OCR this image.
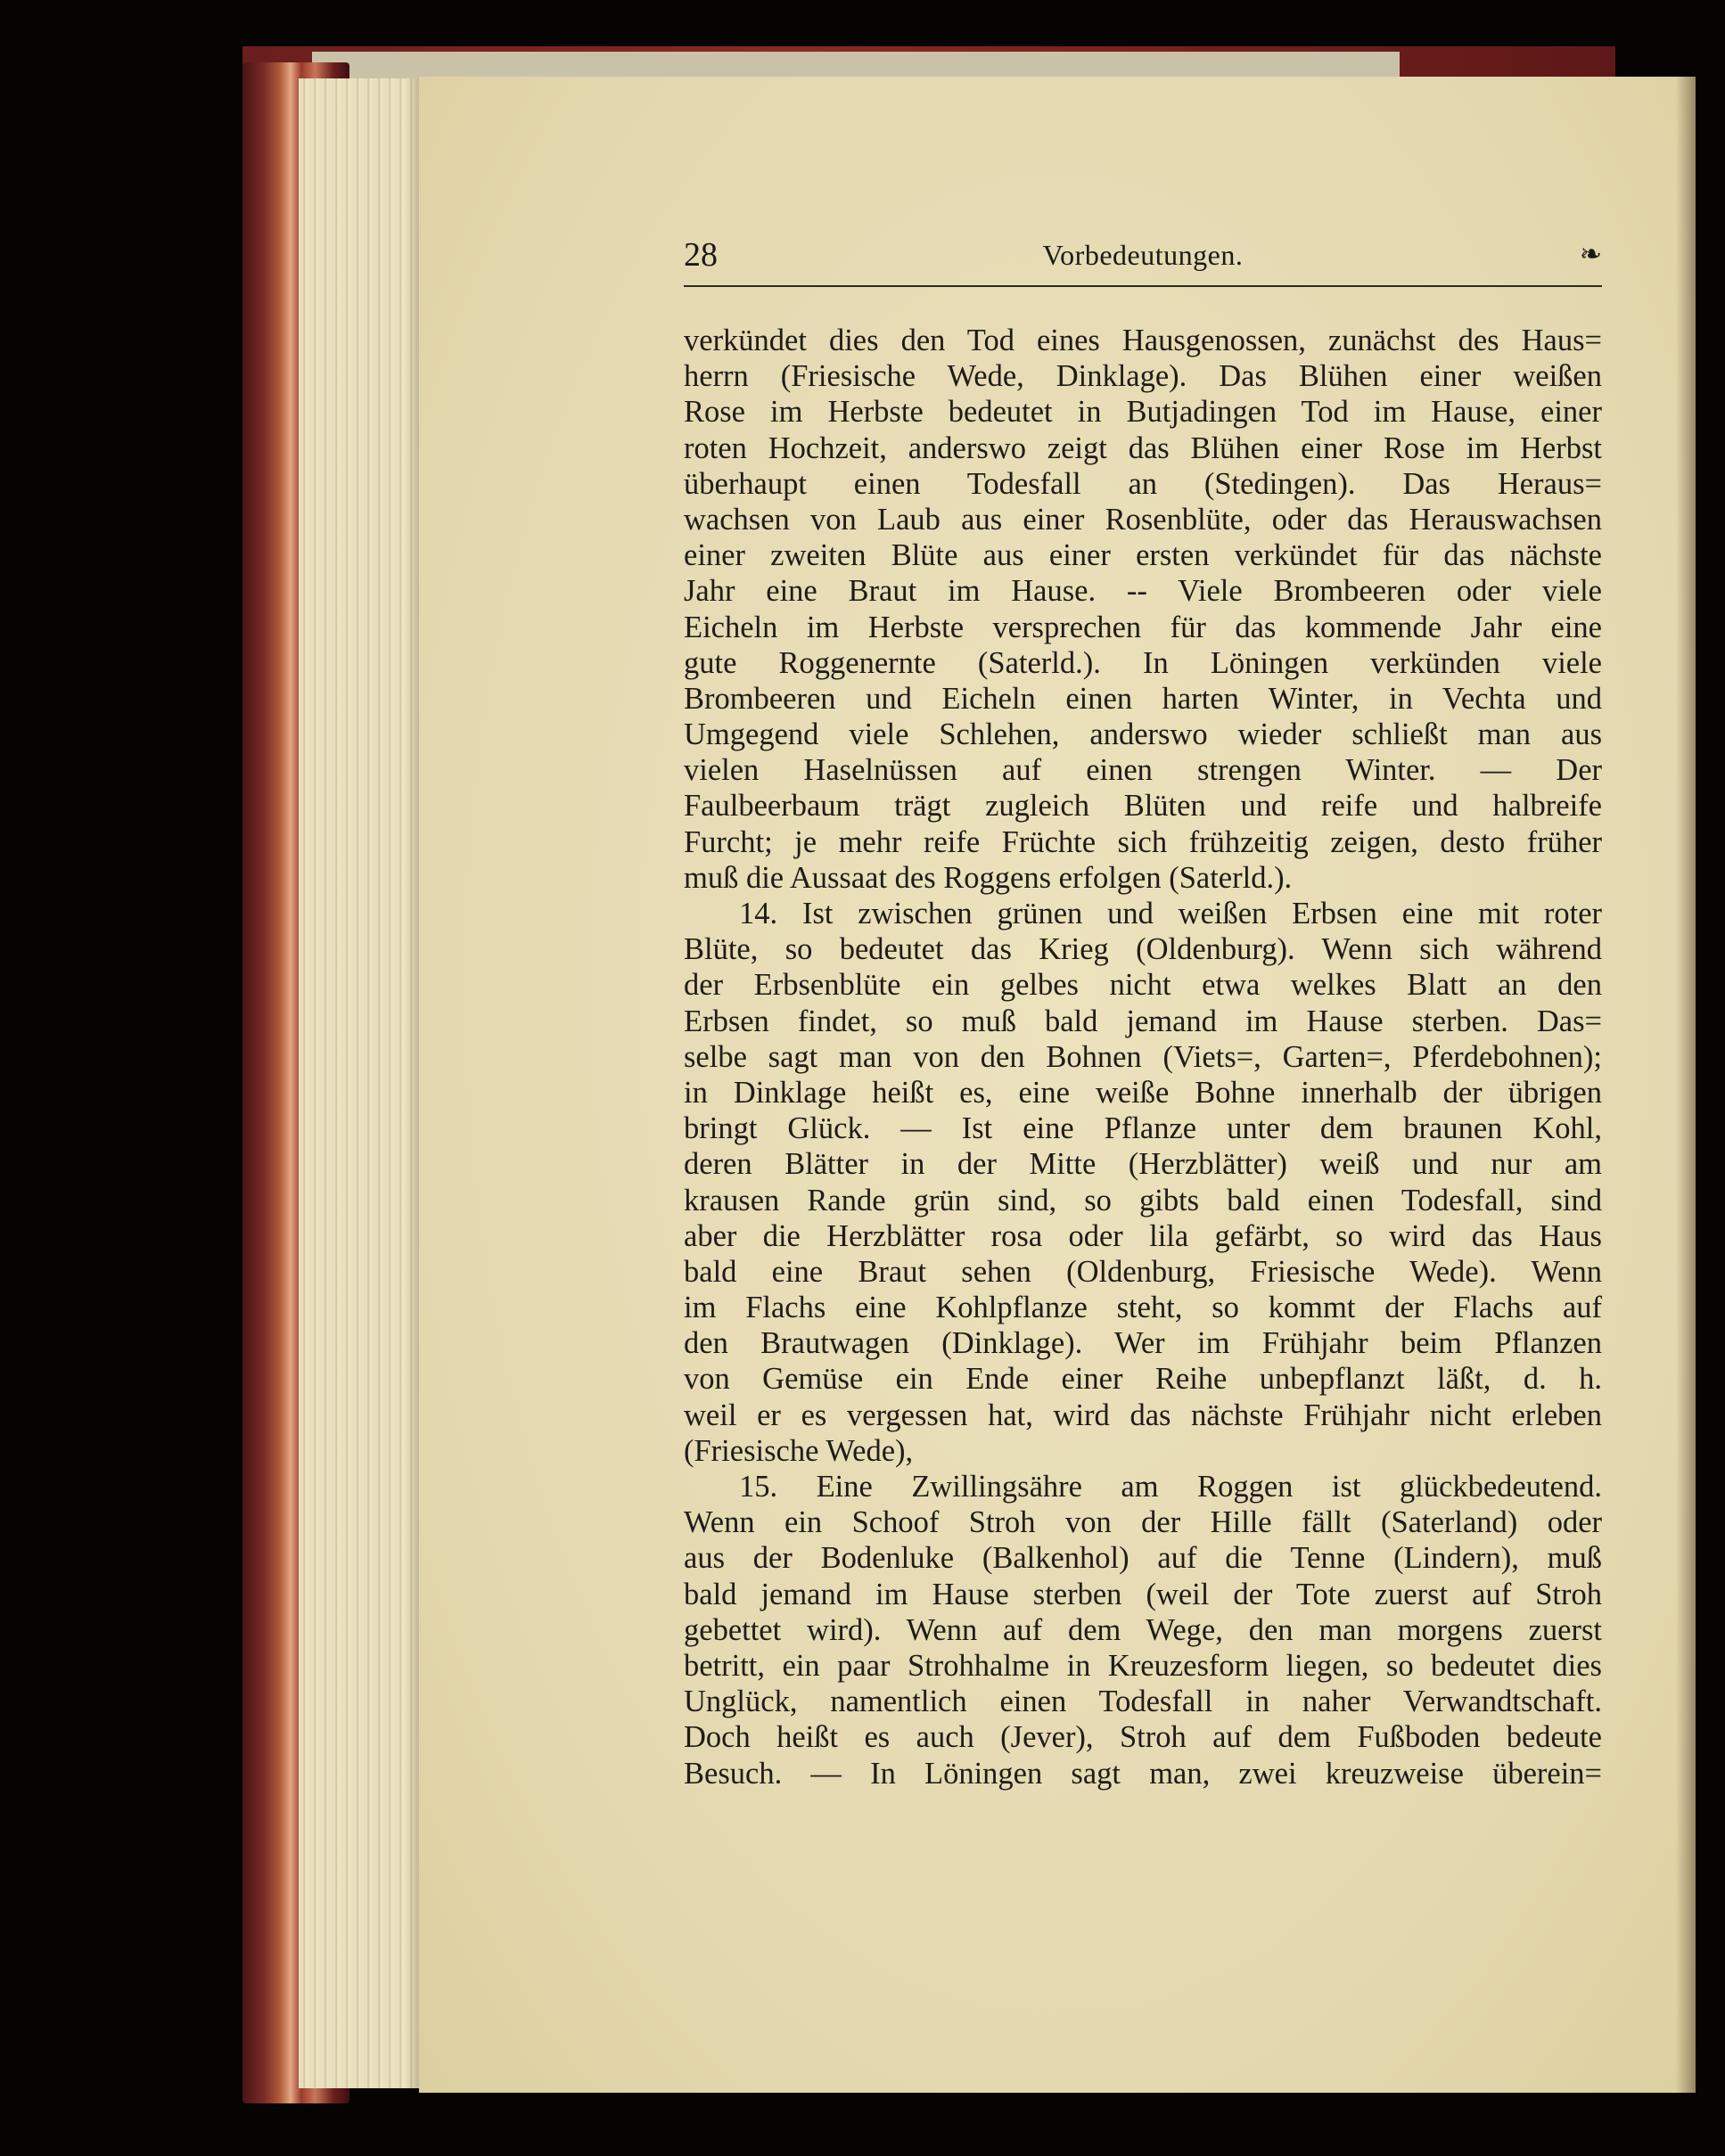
28	Vorbedeutungen.	❧
verkündet dies den Tod eines Hausgenossen, zunächst des Haus=
herrn (Friesische Wede, Dinklage). Das Blühen einer weißen
Rose im Herbste bedeutet in Butjadingen Tod im Hause, einer
roten Hochzeit, anderswo zeigt das Blühen einer Rose im Herbst
überhaupt einen Todesfall an (Stedingen). Das Heraus=
wachsen von Laub aus einer Rosenblüte, oder das Herauswachsen
einer zweiten Blüte aus einer ersten verkündet für das nächste
Jahr eine Braut im Hause. -- Viele Brombeeren oder viele
Eicheln im Herbste versprechen für das kommende Jahr eine
gute Roggenernte (Saterld.). In Löningen verkünden viele
Brombeeren und Eicheln einen harten Winter, in Vechta und
Umgegend viele Schlehen, anderswo wieder schließt man aus
vielen Haselnüssen auf einen strengen Winter. — Der
Faulbeerbaum trägt zugleich Blüten und reife und halbreife
Furcht; je mehr reife Früchte sich frühzeitig zeigen, desto früher
muß die Aussaat des Roggens erfolgen (Saterld.).
14. Ist zwischen grünen und weißen Erbsen eine mit roter
Blüte, so bedeutet das Krieg (Oldenburg). Wenn sich während
der Erbsenblüte ein gelbes nicht etwa welkes Blatt an den
Erbsen findet, so muß bald jemand im Hause sterben. Das=
selbe sagt man von den Bohnen (Viets=, Garten=, Pferdebohnen);
in Dinklage heißt es, eine weiße Bohne innerhalb der übrigen
bringt Glück. — Ist eine Pflanze unter dem braunen Kohl,
deren Blätter in der Mitte (Herzblätter) weiß und nur am
krausen Rande grün sind, so gibts bald einen Todesfall, sind
aber die Herzblätter rosa oder lila gefärbt, so wird das Haus
bald eine Braut sehen (Oldenburg, Friesische Wede). Wenn
im Flachs eine Kohlpflanze steht, so kommt der Flachs auf
den Brautwagen (Dinklage). Wer im Frühjahr beim Pflanzen
von Gemüse ein Ende einer Reihe unbepflanzt läßt, d. h.
weil er es vergessen hat, wird das nächste Frühjahr nicht erleben
(Friesische Wede),
15. Eine Zwillingsähre am Roggen ist glückbedeutend.
Wenn ein Schoof Stroh von der Hille fällt (Saterland) oder
aus der Bodenluke (Balkenhol) auf die Tenne (Lindern), muß
bald jemand im Hause sterben (weil der Tote zuerst auf Stroh
gebettet wird). Wenn auf dem Wege, den man morgens zuerst
betritt, ein paar Strohhalme in Kreuzesform liegen, so bedeutet dies
Unglück, namentlich einen Todesfall in naher Verwandtschaft.
Doch heißt es auch (Jever), Stroh auf dem Fußboden bedeute
Besuch. — In Löningen sagt man, zwei kreuzweise überein=
